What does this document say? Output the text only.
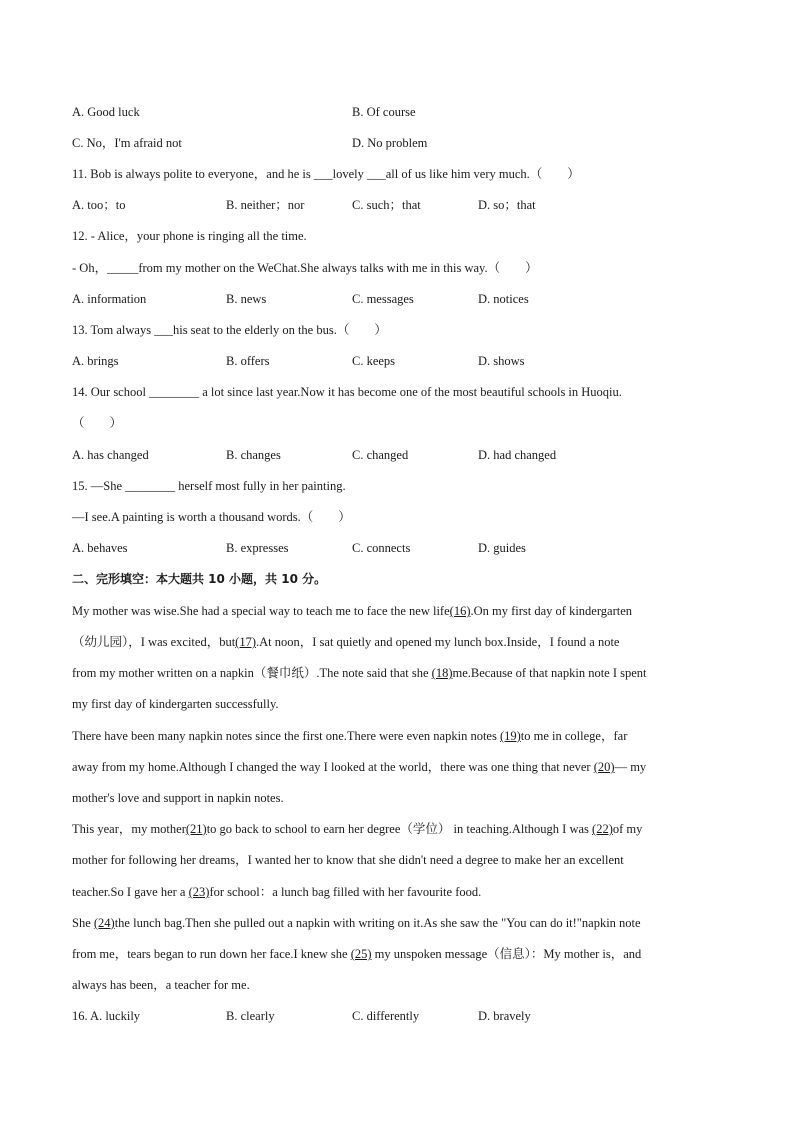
A. Good luck	B. Of course
C. No，I'm afraid not	D. No problem
11. Bob is always polite to everyone，and he is ___lovely ___all of us like him very much.（　　）
A. too；to	B. neither；nor	C. such；that	D. so；that
12. - Alice，your phone is ringing all the time.
- Oh，_____from my mother on the WeChat.She always talks with me in this way.（　　）
A. information	B. news	C. messages	D. notices
13. Tom always ___his seat to the elderly on the bus.（　　）
A. brings	B. offers	C. keeps	D. shows
14. Our school ________ a lot since last year.Now it has become one of the most beautiful schools in Huoqiu.
（　　）
A. has changed	B. changes	C. changed	D. had changed
15. —She ________ herself most fully in her painting.
—I see.A painting is worth a thousand words.（　　）
A. behaves	B. expresses	C. connects	D. guides
二、完形填空：本大题共 10 小题，共 10 分。
My mother was wise.She had a special way to teach me to face the new life(16).On my first day of kindergarten
（幼儿园），I was excited，but(17).At noon，I sat quietly and opened my lunch box.Inside，I found a note
from my mother written on a napkin（餐巾纸）.The note said that she (18)me.Because of that napkin note I spent
my first day of kindergarten successfully.
There have been many napkin notes since the first one.There were even napkin notes (19)to me in college，far
away from my home.Although I changed the way I looked at the world，there was one thing that never (20)— my
mother's love and support in napkin notes.
This year，my mother(21)to go back to school to earn her degree（学位） in teaching.Although I was (22)of my
mother for following her dreams，I wanted her to know that she didn't need a degree to make her an excellent
teacher.So I gave her a (23)for school：a lunch bag filled with her favourite food.
She (24)the lunch bag.Then she pulled out a napkin with writing on it.As she saw the "You can do it!"napkin note
from me，tears began to run down her face.I knew she (25) my unspoken message（信息）：My mother is，and
always has been，a teacher for me.
16. A. luckily	B. clearly	C. differently	D. bravely
